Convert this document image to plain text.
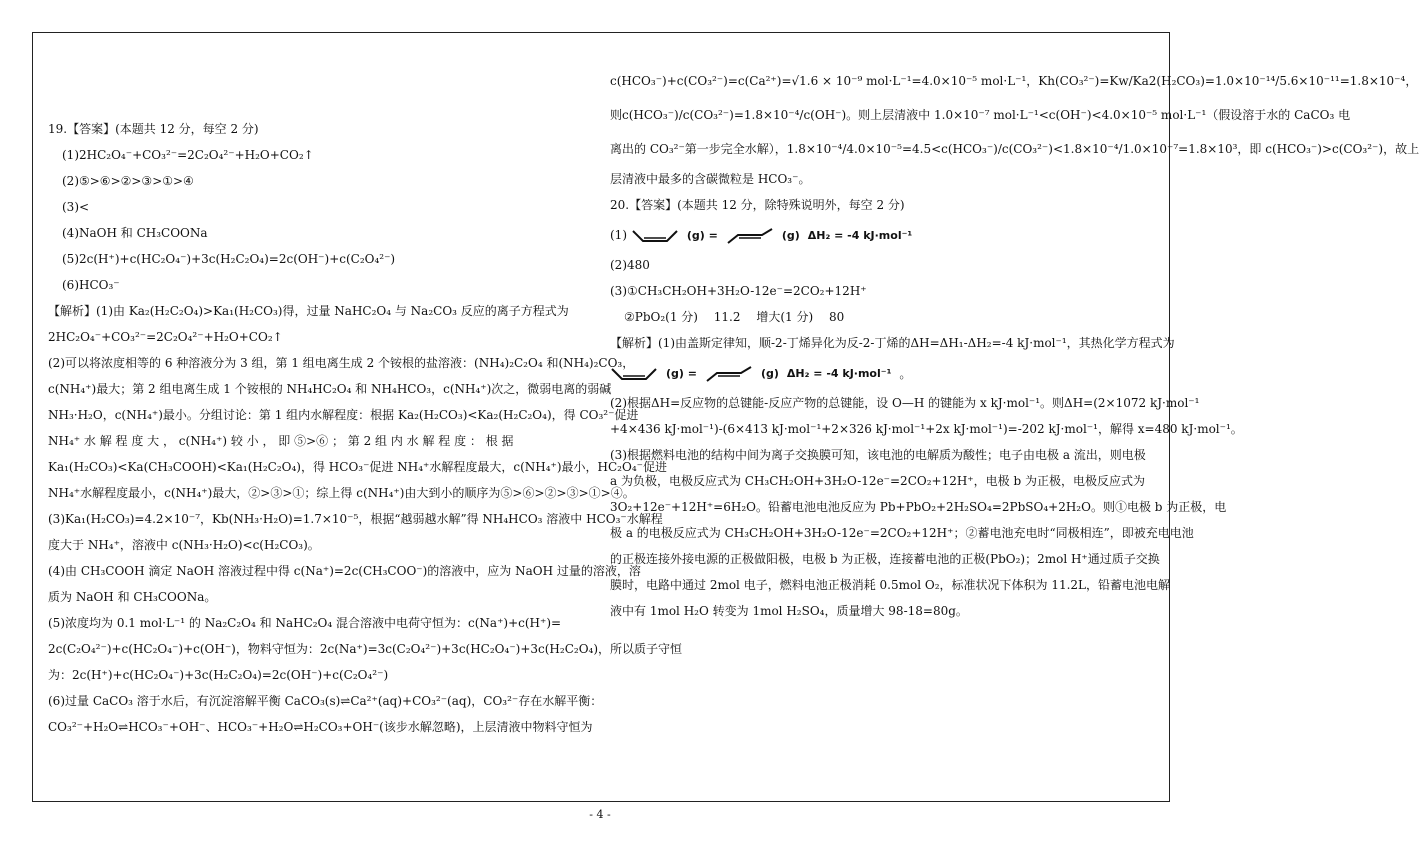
19.【答案】(本题共 12 分，每空 2 分)
(1)2HC₂O₄⁻+CO₃²⁻=2C₂O₄²⁻+H₂O+CO₂↑
(2)⑤>⑥>②>③>①>④
(3)<
(4)NaOH 和 CH₃COONa
(5)2c(H⁺)+c(HC₂O₄⁻)+3c(H₂C₂O₄)=2c(OH⁻)+c(C₂O₄²⁻)
(6)HCO₃⁻
【解析】(1)由 Ka₂(H₂C₂O₄)>Ka₁(H₂CO₃)得，过量 NaHC₂O₄ 与 Na₂CO₃ 反应的离子方程式为
2HC₂O₄⁻+CO₃²⁻=2C₂O₄²⁻+H₂O+CO₂↑
(2)可以将浓度相等的 6 种溶液分为 3 组，第 1 组电离生成 2 个铵根的盐溶液：(NH₄)₂C₂O₄ 和(NH₄)₂CO₃，
c(NH₄⁺)最大；第 2 组电离生成 1 个铵根的 NH₄HC₂O₄ 和 NH₄HCO₃，c(NH₄⁺)次之，微弱电离的弱碱
NH₃·H₂O，c(NH₄⁺)最小。分组讨论：第 1 组内水解程度：根据 Ka₂(H₂CO₃)<Ka₂(H₂C₂O₄)，得 CO₃²⁻促进
NH₄⁺ 水 解 程 度 大 ， c(NH₄⁺) 较 小 ， 即 ⑤>⑥ ； 第 2 组 内 水 解 程 度 ： 根 据
Ka₁(H₂CO₃)<Ka(CH₃COOH)<Ka₁(H₂C₂O₄)，得 HCO₃⁻促进 NH₄⁺水解程度最大，c(NH₄⁺)最小，HC₂O₄⁻促进
NH₄⁺水解程度最小，c(NH₄⁺)最大，②>③>①；综上得 c(NH₄⁺)由大到小的顺序为⑤>⑥>②>③>①>④。
(3)Ka₁(H₂CO₃)=4.2×10⁻⁷，Kb(NH₃·H₂O)=1.7×10⁻⁵，根据“越弱越水解”得 NH₄HCO₃ 溶液中 HCO₃⁻水解程
度大于 NH₄⁺，溶液中 c(NH₃·H₂O)<c(H₂CO₃)。
(4)由 CH₃COOH 滴定 NaOH 溶液过程中得 c(Na⁺)=2c(CH₃COO⁻)的溶液中，应为 NaOH 过量的溶液，溶
质为 NaOH 和 CH₃COONa。
(5)浓度均为 0.1 mol·L⁻¹ 的 Na₂C₂O₄ 和 NaHC₂O₄ 混合溶液中电荷守恒为：c(Na⁺)+c(H⁺)=
2c(C₂O₄²⁻)+c(HC₂O₄⁻)+c(OH⁻)，物料守恒为：2c(Na⁺)=3c(C₂O₄²⁻)+3c(HC₂O₄⁻)+3c(H₂C₂O₄)，所以质子守恒
为：2c(H⁺)+c(HC₂O₄⁻)+3c(H₂C₂O₄)=2c(OH⁻)+c(C₂O₄²⁻)
(6)过量 CaCO₃ 溶于水后，有沉淀溶解平衡 CaCO₃(s)⇌Ca²⁺(aq)+CO₃²⁻(aq)，CO₃²⁻存在水解平衡：
CO₃²⁻+H₂O⇌HCO₃⁻+OH⁻、HCO₃⁻+H₂O⇌H₂CO₃+OH⁻(该步水解忽略)，上层清液中物料守恒为
c(HCO₃⁻)+c(CO₃²⁻)=c(Ca²⁺)=√1.6 × 10⁻⁹ mol·L⁻¹=4.0×10⁻⁵ mol·L⁻¹，Kh(CO₃²⁻)=Kw/Ka2(H₂CO₃)=1.0×10⁻¹⁴/5.6×10⁻¹¹=1.8×10⁻⁴，
则c(HCO₃⁻)/c(CO₃²⁻)=1.8×10⁻⁴/c(OH⁻)。则上层清液中 1.0×10⁻⁷ mol·L⁻¹<c(OH⁻)<4.0×10⁻⁵ mol·L⁻¹（假设溶于水的 CaCO₃ 电
离出的 CO₃²⁻第一步完全水解），1.8×10⁻⁴/4.0×10⁻⁵=4.5<c(HCO₃⁻)/c(CO₃²⁻)<1.8×10⁻⁴/1.0×10⁻⁷=1.8×10³，即 c(HCO₃⁻)>c(CO₃²⁻)，故上
层清液中最多的含碳微粒是 HCO₃⁻。
20.【答案】(本题共 12 分，除特殊说明外，每空 2 分)
(1)	(g) =	(g) ΔH₂ = -4 kJ·mol⁻¹
(2)480
(3)①CH₃CH₂OH+3H₂O-12e⁻=2CO₂+12H⁺
②PbO₂(1 分)　 11.2　 增大(1 分)　 80
【解析】(1)由盖斯定律知，顺-2-丁烯异化为反-2-丁烯的ΔH=ΔH₁-ΔH₂=-4 kJ·mol⁻¹，其热化学方程式为
(g) =	(g) ΔH₂ = -4 kJ·mol⁻¹ 。
(2)根据ΔH=反应物的总键能-反应产物的总键能，设 O—H 的键能为 x kJ·mol⁻¹。则ΔH=(2×1072 kJ·mol⁻¹
+4×436 kJ·mol⁻¹)-(6×413 kJ·mol⁻¹+2×326 kJ·mol⁻¹+2x kJ·mol⁻¹)=-202 kJ·mol⁻¹，解得 x=480 kJ·mol⁻¹。
(3)根据燃料电池的结构中间为离子交换膜可知，该电池的电解质为酸性；电子由电极 a 流出，则电极
a 为负极，电极反应式为 CH₃CH₂OH+3H₂O-12e⁻=2CO₂+12H⁺，电极 b 为正极，电极反应式为
3O₂+12e⁻+12H⁺=6H₂O。铅蓄电池电池反应为 Pb+PbO₂+2H₂SO₄=2PbSO₄+2H₂O。则①电极 b 为正极，电
极 a 的电极反应式为 CH₃CH₂OH+3H₂O-12e⁻=2CO₂+12H⁺；②蓄电池充电时“同极相连”，即被充电电池
的正极连接外接电源的正极做阳极，电极 b 为正极，连接蓄电池的正极(PbO₂)；2mol H⁺通过质子交换
膜时，电路中通过 2mol 电子，燃料电池正极消耗 0.5mol O₂，标准状况下体积为 11.2L，铅蓄电池电解
液中有 1mol H₂O 转变为 1mol H₂SO₄，质量增大 98-18=80g。
- 4 -
